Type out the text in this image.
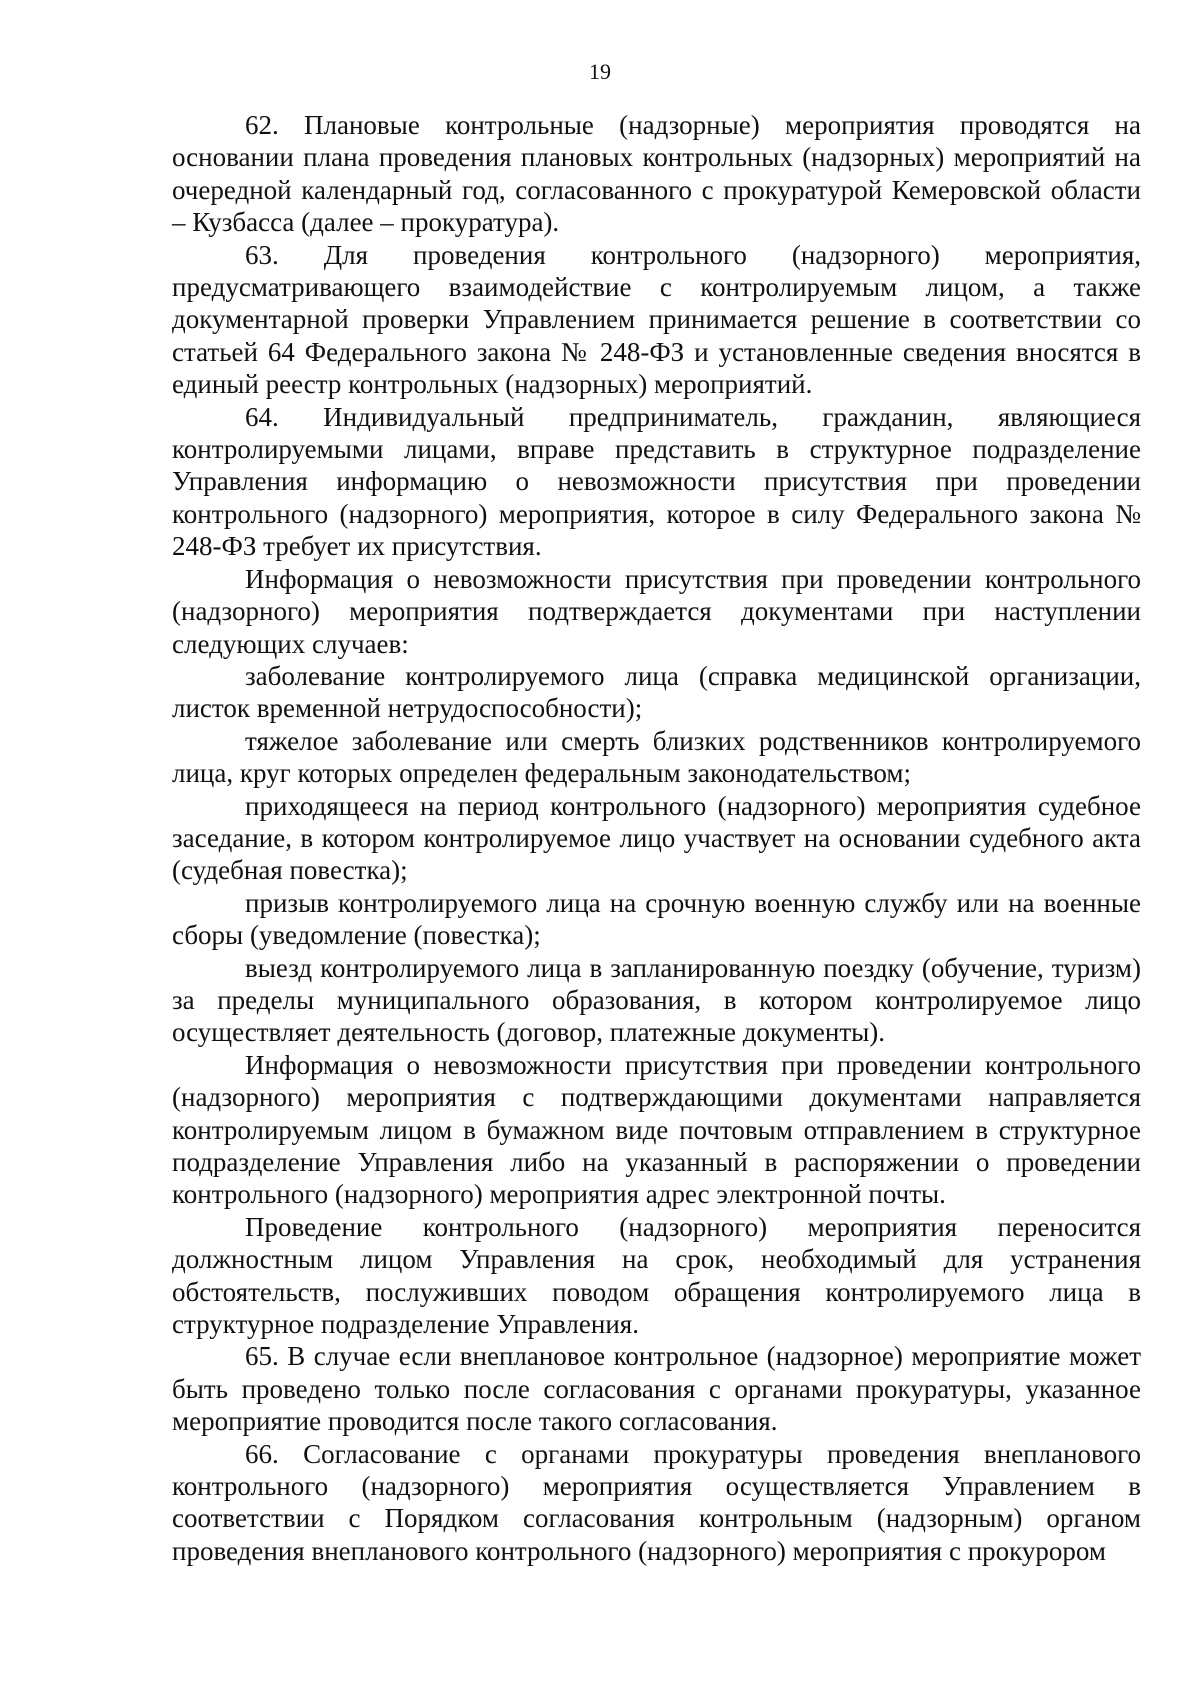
19

62. Плановые контрольные (надзорные) мероприятия проводятся на основании плана проведения плановых контрольных (надзорных) мероприятий на очередной календарный год, согласованного с прокуратурой Кемеровской области – Кузбасса (далее – прокуратура).

63. Для проведения контрольного (надзорного) мероприятия, предусматривающего взаимодействие с контролируемым лицом, а также документарной проверки Управлением принимается решение в соответствии со статьей 64 Федерального закона № 248-ФЗ и установленные сведения вносятся в единый реестр контрольных (надзорных) мероприятий.

64. Индивидуальный предприниматель, гражданин, являющиеся контролируемыми лицами, вправе представить в структурное подразделение Управления информацию о невозможности присутствия при проведении контрольного (надзорного) мероприятия, которое в силу Федерального закона № 248-ФЗ требует их присутствия.

Информация о невозможности присутствия при проведении контрольного (надзорного) мероприятия подтверждается документами при наступлении следующих случаев:

заболевание контролируемого лица (справка медицинской организации, листок временной нетрудоспособности);

тяжелое заболевание или смерть близких родственников контролируемого лица, круг которых определен федеральным законодательством;

приходящееся на период контрольного (надзорного) мероприятия судебное заседание, в котором контролируемое лицо участвует на основании судебного акта (судебная повестка);

призыв контролируемого лица на срочную военную службу или на военные сборы (уведомление (повестка);

выезд контролируемого лица в запланированную поездку (обучение, туризм) за пределы муниципального образования, в котором контролируемое лицо осуществляет деятельность (договор, платежные документы).

Информация о невозможности присутствия при проведении контрольного (надзорного) мероприятия с подтверждающими документами направляется контролируемым лицом в бумажном виде почтовым отправлением в структурное подразделение Управления либо на указанный в распоряжении о проведении контрольного (надзорного) мероприятия адрес электронной почты.

Проведение контрольного (надзорного) мероприятия переносится должностным лицом Управления на срок, необходимый для устранения обстоятельств, послуживших поводом обращения контролируемого лица в структурное подразделение Управления.

65. В случае если внеплановое контрольное (надзорное) мероприятие может быть проведено только после согласования с органами прокуратуры, указанное мероприятие проводится после такого согласования.

66. Согласование с органами прокуратуры проведения внепланового контрольного (надзорного) мероприятия осуществляется Управлением в соответствии с Порядком согласования контрольным (надзорным) органом проведения внепланового контрольного (надзорного) мероприятия с прокурором
